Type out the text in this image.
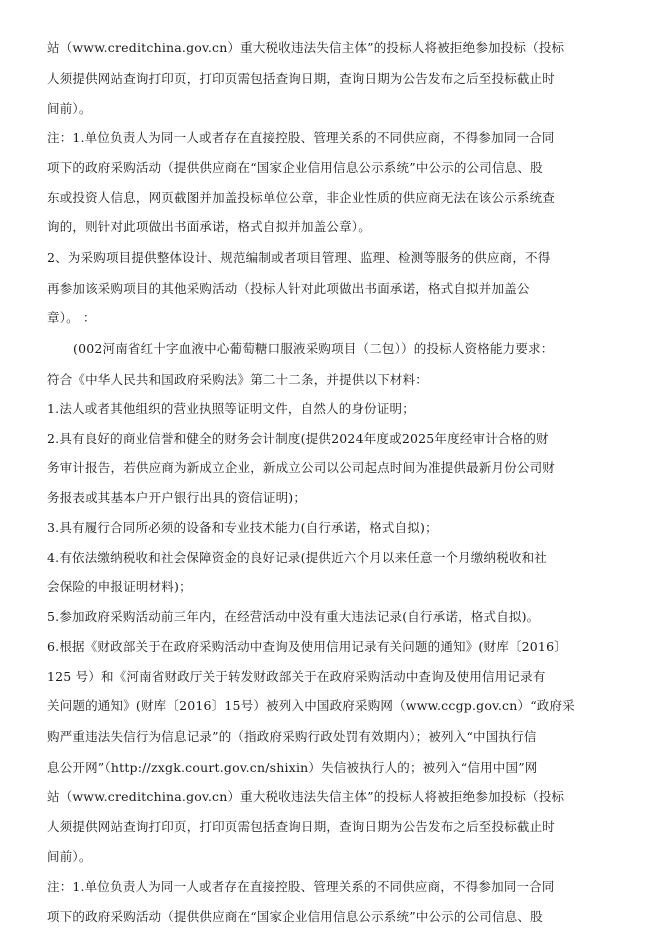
站（www.creditchina.gov.cn）重大税收违法失信主体”的投标人将被拒绝参加投标（投标
人须提供网站查询打印页，打印页需包括查询日期，查询日期为公告发布之后至投标截止时
间前）。
注：1.单位负责人为同一人或者存在直接控股、管理关系的不同供应商，不得参加同一合同
项下的政府采购活动（提供供应商在“国家企业信用信息公示系统”中公示的公司信息、股
东或投资人信息，网页截图并加盖投标单位公章，非企业性质的供应商无法在该公示系统查
询的，则针对此项做出书面承诺，格式自拟并加盖公章）。
2、为采购项目提供整体设计、规范编制或者项目管理、监理、检测等服务的供应商，不得
再参加该采购项目的其他采购活动（投标人针对此项做出书面承诺，格式自拟并加盖公
章）。 ：
(002河南省红十字血液中心葡萄糖口服液采购项目（二包））的投标人资格能力要求：
符合《中华人民共和国政府采购法》第二十二条，并提供以下材料：
1.法人或者其他组织的营业执照等证明文件，自然人的身份证明；
2.具有良好的商业信誉和健全的财务会计制度(提供2024年度或2025年度经审计合格的财
务审计报告，若供应商为新成立企业，新成立公司以公司起点时间为准提供最新月份公司财
务报表或其基本户开户银行出具的资信证明)；
3.具有履行合同所必须的设备和专业技术能力(自行承诺，格式自拟)；
4.有依法缴纳税收和社会保障资金的良好记录(提供近六个月以来任意一个月缴纳税收和社
会保险的申报证明材料)；
5.参加政府采购活动前三年内，在经营活动中没有重大违法记录(自行承诺，格式自拟)。
6.根据《财政部关于在政府采购活动中查询及使用信用记录有关问题的通知》(财库〔2016〕
125 号）和《河南省财政厅关于转发财政部关于在政府采购活动中查询及使用信用记录有
关问题的通知》(财库〔2016〕15号）被列入中国政府采购网（www.ccgp.gov.cn）“政府采
购严重违法失信行为信息记录”的（指政府采购行政处罚有效期内）；被列入“中国执行信
息公开网”（http://zxgk.court.gov.cn/shixin）失信被执行人的；被列入“信用中国”网
站（www.creditchina.gov.cn）重大税收违法失信主体”的投标人将被拒绝参加投标（投标
人须提供网站查询打印页，打印页需包括查询日期，查询日期为公告发布之后至投标截止时
间前）。
注：1.单位负责人为同一人或者存在直接控股、管理关系的不同供应商，不得参加同一合同
项下的政府采购活动（提供供应商在“国家企业信用信息公示系统”中公示的公司信息、股
